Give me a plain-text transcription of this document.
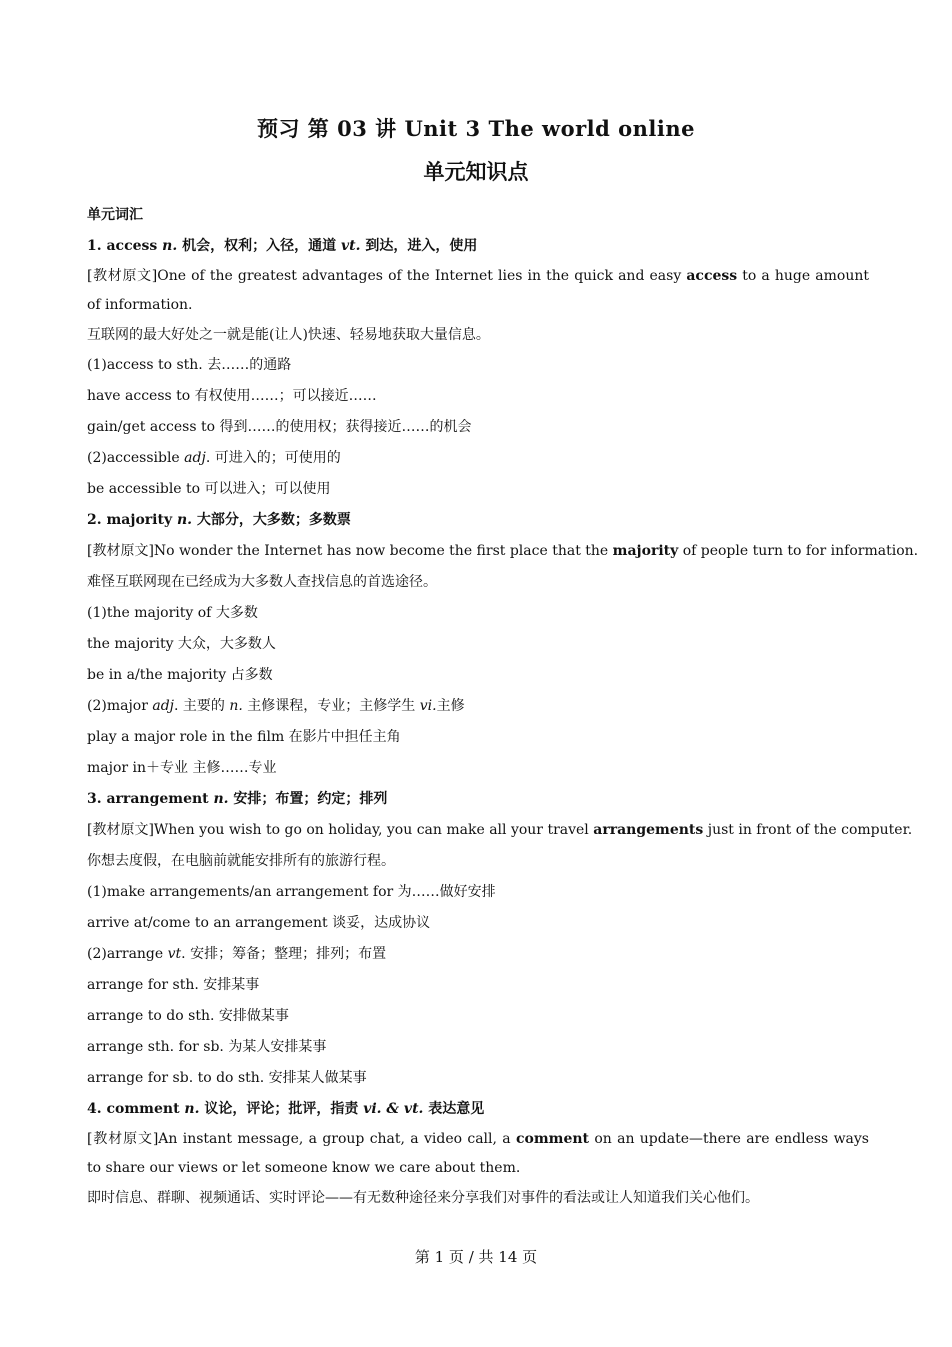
预习 第 03 讲 Unit 3 The world online
单元知识点
单元词汇
1. access n. 机会，权利；入径，通道 vt. 到达，进入，使用
[教材原文]One of the greatest advantages of the Internet lies in the quick and easy access to a huge amount of information.
互联网的最大好处之一就是能(让人)快速、轻易地获取大量信息。
(1)access to sth. 去……的通路
have access to 有权使用……；可以接近……
gain/get access to 得到……的使用权；获得接近……的机会
(2)accessible adj. 可进入的；可使用的
be accessible to 可以进入；可以使用
2. majority n. 大部分，大多数；多数票
[教材原文]No wonder the Internet has now become the first place that the majority of people turn to for information.
难怪互联网现在已经成为大多数人查找信息的首选途径。
(1)the majority of 大多数
the majority 大众，大多数人
be in a/the majority 占多数
(2)major adj. 主要的 n. 主修课程，专业；主修学生 vi.主修
play a major role in the film 在影片中担任主角
major in＋专业 主修……专业
3. arrangement n. 安排；布置；约定；排列
[教材原文]When you wish to go on holiday, you can make all your travel arrangements just in front of the computer.
你想去度假，在电脑前就能安排所有的旅游行程。
(1)make arrangements/an arrangement for 为……做好安排
arrive at/come to an arrangement 谈妥，达成协议
(2)arrange vt. 安排；筹备；整理；排列；布置
arrange for sth. 安排某事
arrange to do sth. 安排做某事
arrange sth. for sb. 为某人安排某事
arrange for sb. to do sth. 安排某人做某事
4. comment n. 议论，评论；批评，指责 vi. & vt. 表达意见
[教材原文]An instant message, a group chat, a video call, a comment on an update—there are endless ways to share our views or let someone know we care about them.
即时信息、群聊、视频通话、实时评论——有无数种途径来分享我们对事件的看法或让人知道我们关心他们。
第 1 页 / 共 14 页
